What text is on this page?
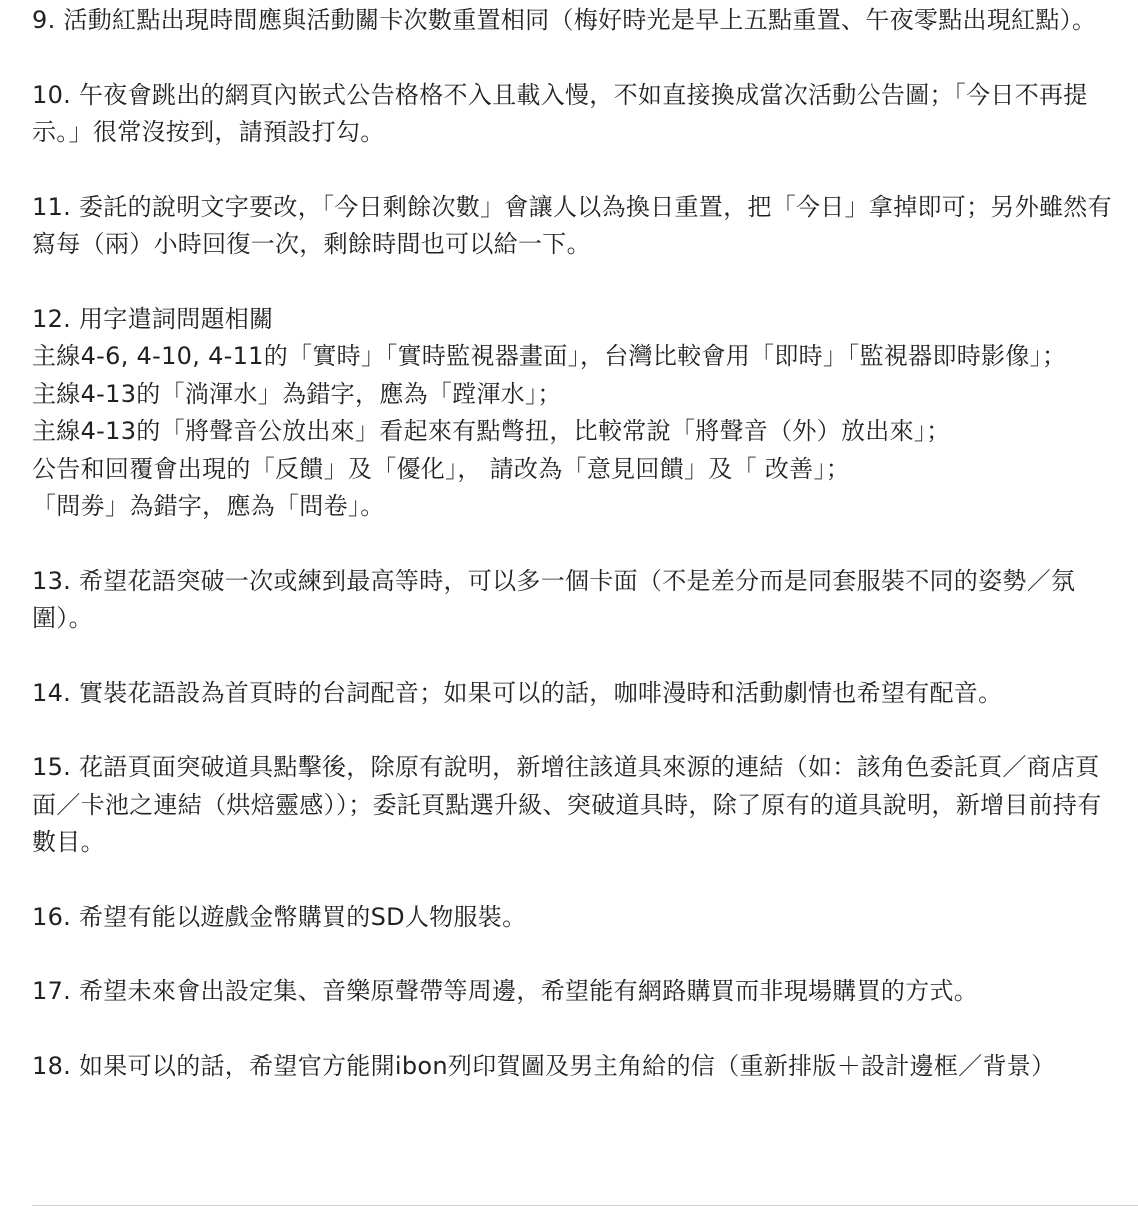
9. 活動紅點出現時間應與活動關卡次數重置相同（梅好時光是早上五點重置、午夜零點出現紅點）。

10. 午夜會跳出的網頁內嵌式公告格格不入且載入慢，不如直接換成當次活動公告圖；「今日不再提示。」很常沒按到，請預設打勾。

11. 委託的說明文字要改，「今日剩餘次數」會讓人以為換日重置，把「今日」拿掉即可；另外雖然有寫每（兩）小時回復一次，剩餘時間也可以給一下。

12. 用字遣詞問題相關

主線4-6, 4-10, 4-11的「實時」「實時監視器畫面」，台灣比較會用「即時」「監視器即時影像」；

主線4-13的「淌渾水」為錯字，應為「蹚渾水」；

主線4-13的「將聲音公放出來」看起來有點彆扭，比較常說「將聲音（外）放出來」；

公告和回覆會出現的「反饋」及「優化」， 請改為「意見回饋」及「 改善」；

「問劵」為錯字，應為「問卷」。

13. 希望花語突破一次或練到最高等時，可以多一個卡面（不是差分而是同套服裝不同的姿勢／氛圍）。

14. 實裝花語設為首頁時的台詞配音；如果可以的話，咖啡漫時和活動劇情也希望有配音。

15. 花語頁面突破道具點擊後，除原有說明，新增往該道具來源的連結（如：該角色委託頁／商店頁面／卡池之連結（烘焙靈感））；委託頁點選升級、突破道具時，除了原有的道具說明，新增目前持有數目。

16. 希望有能以遊戲金幣購買的SD人物服裝。

17. 希望未來會出設定集、音樂原聲帶等周邊，希望能有網路購買而非現場購買的方式。

18. 如果可以的話，希望官方能開ibon列印賀圖及男主角給的信（重新排版＋設計邊框／背景）
